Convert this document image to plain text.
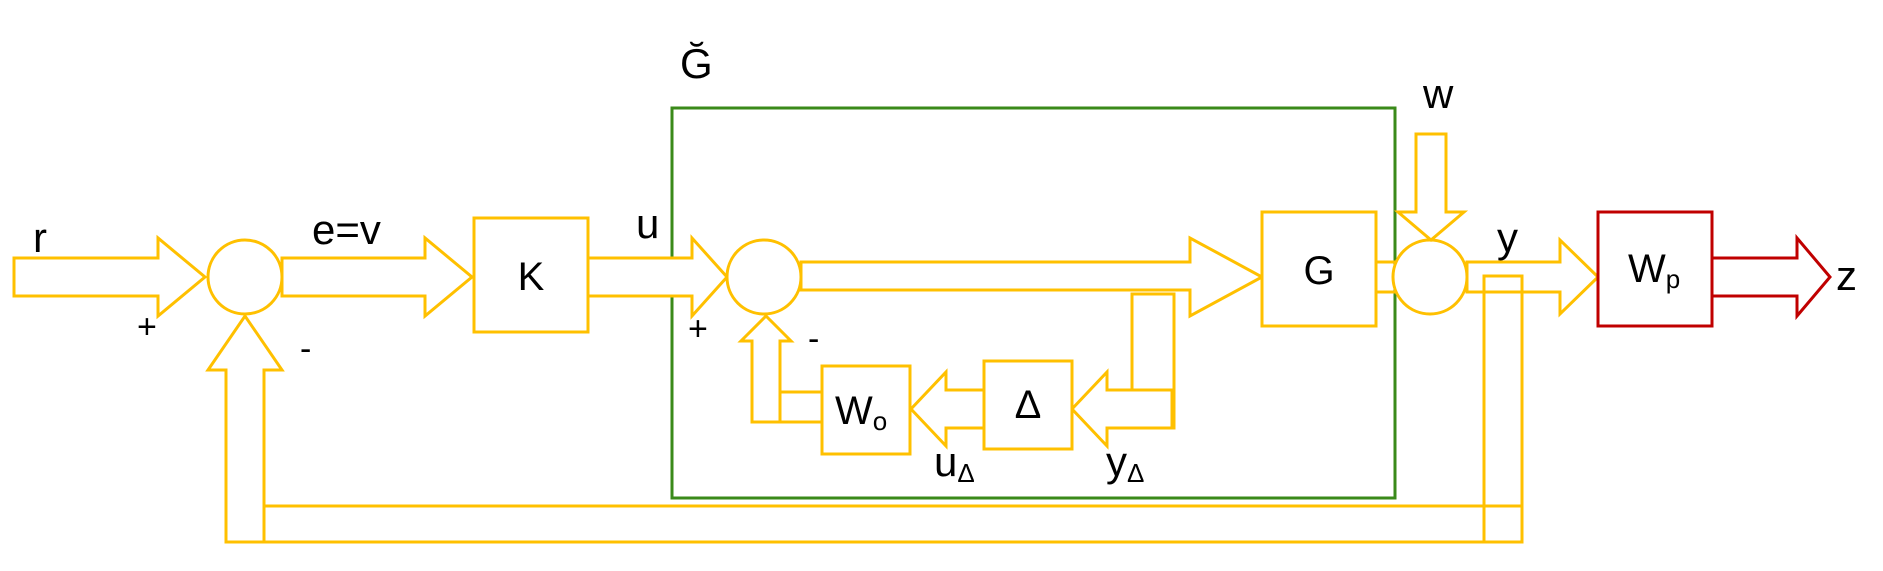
Ğ
r
+
-
e=v
K
u
+	-
G
yΔ
Δ
uΔ
Wo
w
y
Wp	z
